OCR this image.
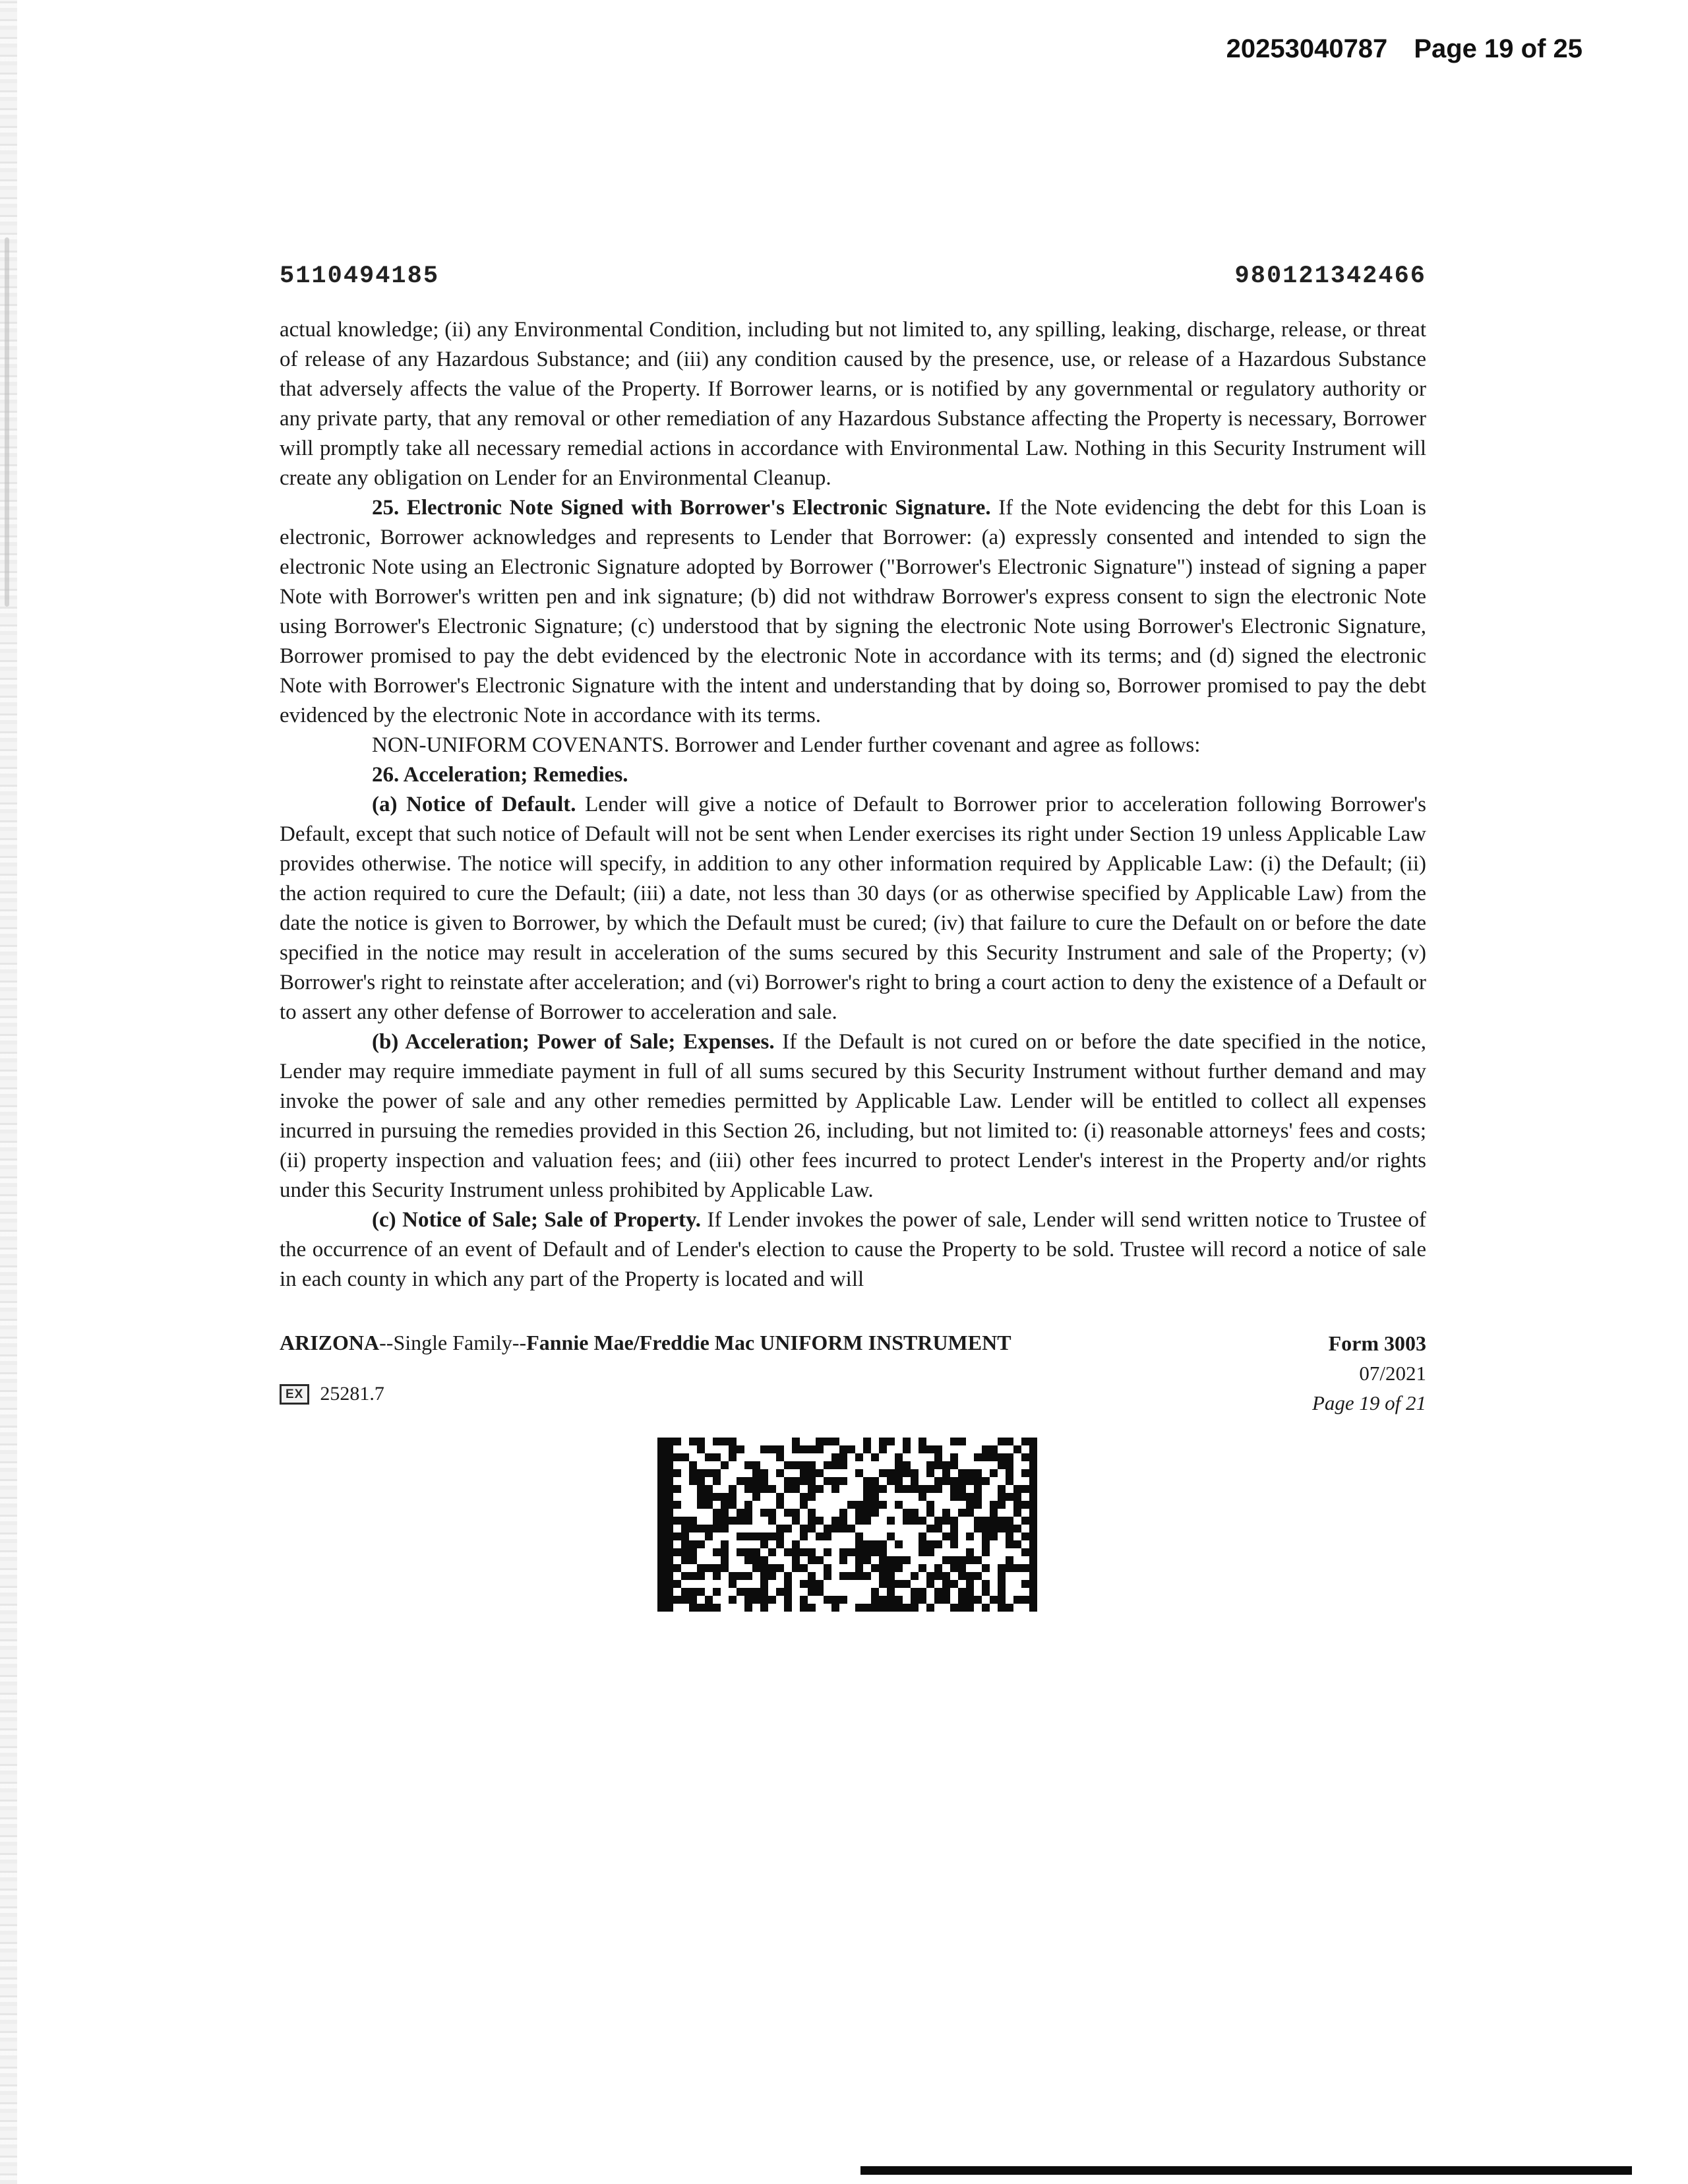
20253040787 Page 19 of 25
5110494185	980121342466

actual knowledge; (ii) any Environmental Condition, including but not limited to, any spilling, leaking, discharge, release, or threat of release of any Hazardous Substance; and (iii) any condition caused by the presence, use, or release of a Hazardous Substance that adversely affects the value of the Property. If Borrower learns, or is notified by any governmental or regulatory authority or any private party, that any removal or other remediation of any Hazardous Substance affecting the Property is necessary, Borrower will promptly take all necessary remedial actions in accordance with Environmental Law. Nothing in this Security Instrument will create any obligation on Lender for an Environmental Cleanup.

25. Electronic Note Signed with Borrower's Electronic Signature. If the Note evidencing the debt for this Loan is electronic, Borrower acknowledges and represents to Lender that Borrower: (a) expressly consented and intended to sign the electronic Note using an Electronic Signature adopted by Borrower ("Borrower's Electronic Signature") instead of signing a paper Note with Borrower's written pen and ink signature; (b) did not withdraw Borrower's express consent to sign the electronic Note using Borrower's Electronic Signature; (c) understood that by signing the electronic Note using Borrower's Electronic Signature, Borrower promised to pay the debt evidenced by the electronic Note in accordance with its terms; and (d) signed the electronic Note with Borrower's Electronic Signature with the intent and understanding that by doing so, Borrower promised to pay the debt evidenced by the electronic Note in accordance with its terms.

NON-UNIFORM COVENANTS. Borrower and Lender further covenant and agree as follows:

26. Acceleration; Remedies.

(a) Notice of Default. Lender will give a notice of Default to Borrower prior to acceleration following Borrower's Default, except that such notice of Default will not be sent when Lender exercises its right under Section 19 unless Applicable Law provides otherwise. The notice will specify, in addition to any other information required by Applicable Law: (i) the Default; (ii) the action required to cure the Default; (iii) a date, not less than 30 days (or as otherwise specified by Applicable Law) from the date the notice is given to Borrower, by which the Default must be cured; (iv) that failure to cure the Default on or before the date specified in the notice may result in acceleration of the sums secured by this Security Instrument and sale of the Property; (v) Borrower's right to reinstate after acceleration; and (vi) Borrower's right to bring a court action to deny the existence of a Default or to assert any other defense of Borrower to acceleration and sale.

(b) Acceleration; Power of Sale; Expenses. If the Default is not cured on or before the date specified in the notice, Lender may require immediate payment in full of all sums secured by this Security Instrument without further demand and may invoke the power of sale and any other remedies permitted by Applicable Law. Lender will be entitled to collect all expenses incurred in pursuing the remedies provided in this Section 26, including, but not limited to: (i) reasonable attorneys' fees and costs; (ii) property inspection and valuation fees; and (iii) other fees incurred to protect Lender's interest in the Property and/or rights under this Security Instrument unless prohibited by Applicable Law.

(c) Notice of Sale; Sale of Property. If Lender invokes the power of sale, Lender will send written notice to Trustee of the occurrence of an event of Default and of Lender's election to cause the Property to be sold. Trustee will record a notice of sale in each county in which any part of the Property is located and will

ARIZONA--Single Family--Fannie Mae/Freddie Mac UNIFORM INSTRUMENT
EX 25281.7
Form 3003
07/2021
Page 19 of 21
